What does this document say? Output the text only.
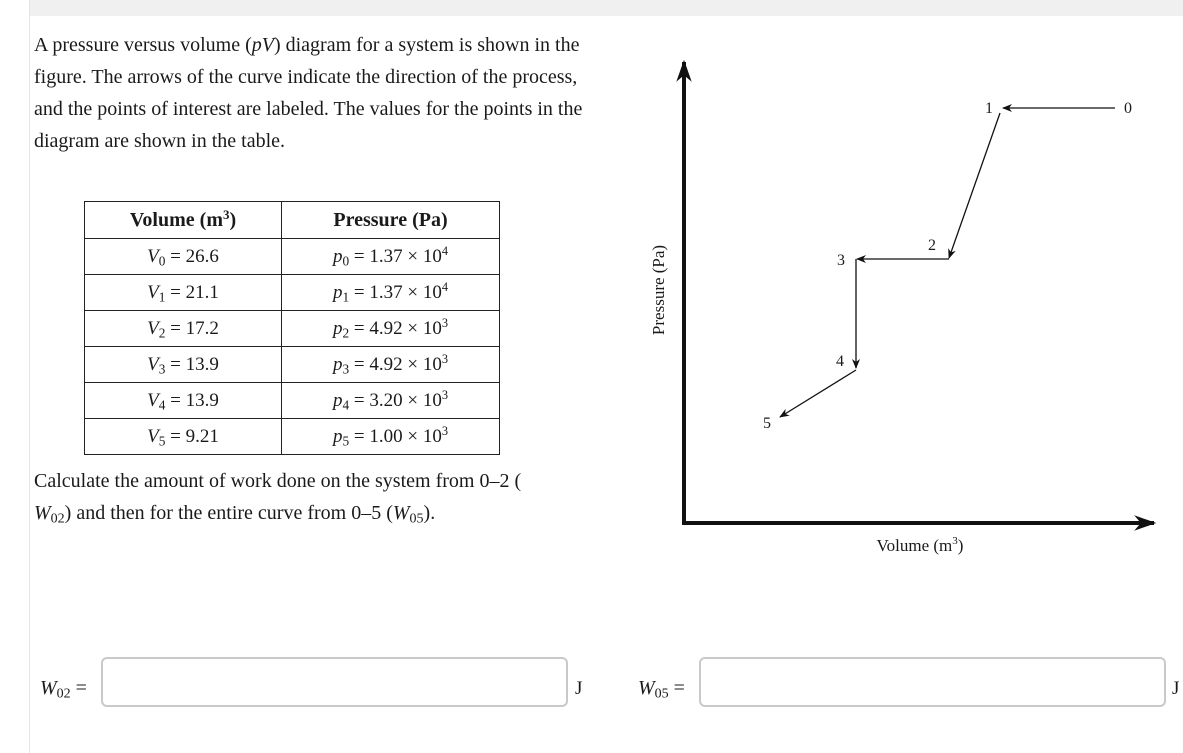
A pressure versus volume (pV) diagram for a system is shown in the figure. The arrows of the curve indicate the direction of the process, and the points of interest are labeled. The values for the points in the diagram are shown in the table.

Volume $(m^3)$	Pressure (Pa)
$V_0 = 26.6$	$p_0 = 1.37 \times 10^4$
$V_1 = 21.1$	$p_1 = 1.37 \times 10^4$
$V_2 = 17.2$	$p_2 = 4.92 \times 10^3$
$V_3 = 13.9$	$p_3 = 4.92 \times 10^3$
$V_4 = 13.9$	$p_4 = 3.20 \times 10^3$
$V_5 = 9.21$	$p_5 = 1.00 \times 10^3$

Calculate the amount of work done on the system from 0–2 (
$W_{02}$) and then for the entire curve from 0–5 $(W_{05})$.

Pressure (Pa)
Volume $(m^3)$
0
1
2
3
4
5
$W_{02}$ =	J	$W_{05}$ =	J
